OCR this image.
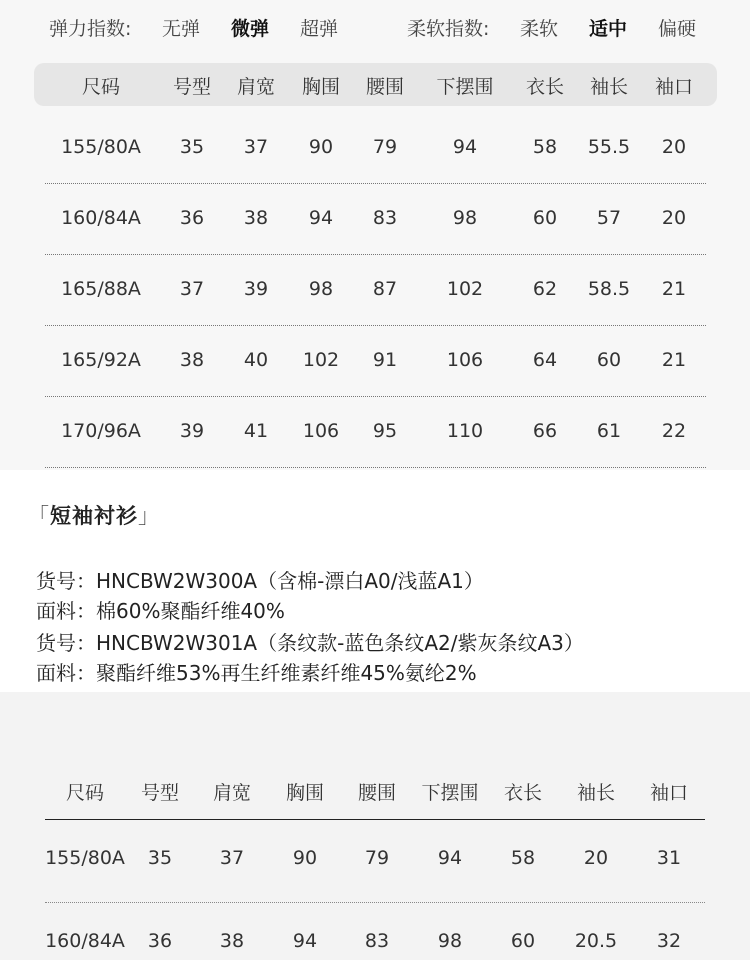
弹力指数: 无弹 微弹 超弹	柔软指数: 柔软 适中 偏硬
尺码	号型	肩宽	胸围	腰围	下摆围	衣长	袖长	袖口
155/80A	35	37	90	79	94	58	55.5	20
160/84A	36	38	94	83	98	60	57	20
165/88A	37	39	98	87	102	62	58.5	21
165/92A	38	40	102	91	106	64	60	21
170/96A	39	41	106	95	110	66	61	22
「短袖衬衫」
货号：HNCBW2W300A（含棉-漂白A0/浅蓝A1）
面料：棉60%聚酯纤维40%
货号：HNCBW2W301A（条纹款-蓝色条纹A2/紫灰条纹A3）
面料：聚酯纤维53%再生纤维素纤维45%氨纶2%
尺码	号型	肩宽	胸围	腰围	下摆围	衣长	袖长	袖口
155/80A	35	37	90	79	94	58	20	31
160/84A	36	38	94	83	98	60	20.5	32
